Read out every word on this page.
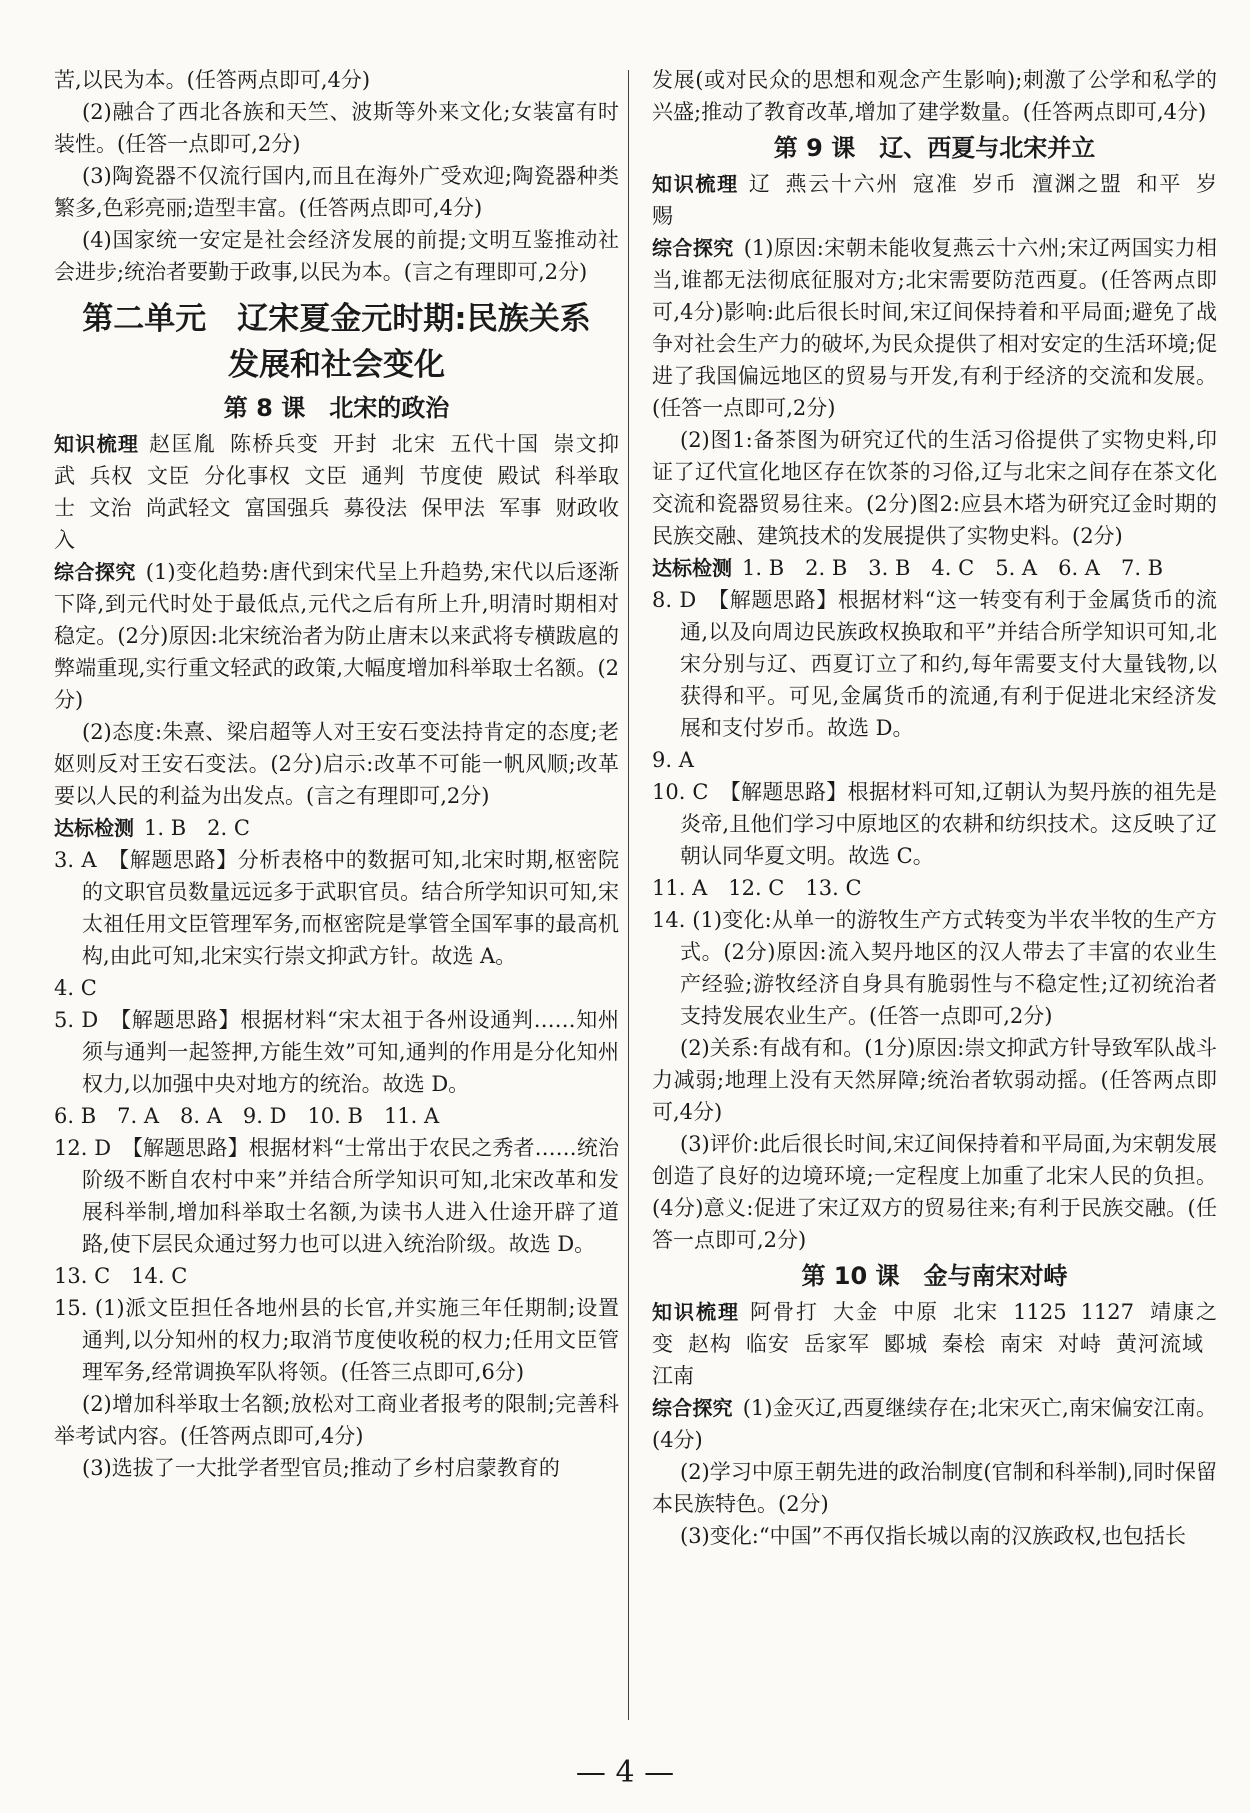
苦,以民为本。(任答两点即可,4分)

(2)融合了西北各族和天竺、波斯等外来文化;女装富有时装性。(任答一点即可,2分)

(3)陶瓷器不仅流行国内,而且在海外广受欢迎;陶瓷器种类繁多,色彩亮丽;造型丰富。(任答两点即可,4分)

(4)国家统一安定是社会经济发展的前提;文明互鉴推动社会进步;统治者要勤于政事,以民为本。(言之有理即可,2分)

第二单元　辽宋夏金元时期:民族关系
发展和社会变化
第 8 课　北宋的政治

知识梳理 赵匡胤 陈桥兵变 开封 北宋 五代十国 崇文抑武 兵权 文臣 分化事权 文臣 通判 节度使 殿试 科举取士 文治 尚武轻文 富国强兵 募役法 保甲法 军事 财政收入

综合探究 (1)变化趋势:唐代到宋代呈上升趋势,宋代以后逐渐下降,到元代时处于最低点,元代之后有所上升,明清时期相对稳定。(2分)原因:北宋统治者为防止唐末以来武将专横跋扈的弊端重现,实行重文轻武的政策,大幅度增加科举取士名额。(2分)

(2)态度:朱熹、梁启超等人对王安石变法持肯定的态度;老妪则反对王安石变法。(2分)启示:改革不可能一帆风顺;改革要以人民的利益为出发点。(言之有理即可,2分)

达标检测 1. B　2. C

3. A　【解题思路】分析表格中的数据可知,北宋时期,枢密院的文职官员数量远远多于武职官员。结合所学知识可知,宋太祖任用文臣管理军务,而枢密院是掌管全国军事的最高机构,由此可知,北宋实行崇文抑武方针。故选 A。

4. C

5. D　【解题思路】根据材料“宋太祖于各州设通判……知州须与通判一起签押,方能生效”可知,通判的作用是分化知州权力,以加强中央对地方的统治。故选 D。

6. B　7. A　8. A　9. D　10. B　11. A

12. D　【解题思路】根据材料“士常出于农民之秀者……统治阶级不断自农村中来”并结合所学知识可知,北宋改革和发展科举制,增加科举取士名额,为读书人进入仕途开辟了道路,使下层民众通过努力也可以进入统治阶级。故选 D。

13. C　14. C

15. (1)派文臣担任各地州县的长官,并实施三年任期制;设置通判,以分知州的权力;取消节度使收税的权力;任用文臣管理军务,经常调换军队将领。(任答三点即可,6分)

(2)增加科举取士名额;放松对工商业者报考的限制;完善科举考试内容。(任答两点即可,4分)

(3)选拔了一大批学者型官员;推动了乡村启蒙教育的

发展(或对民众的思想和观念产生影响);刺激了公学和私学的兴盛;推动了教育改革,增加了建学数量。(任答两点即可,4分)

第 9 课　辽、西夏与北宋并立

知识梳理 辽 燕云十六州 寇准 岁币 澶渊之盟 和平 岁赐

综合探究 (1)原因:宋朝未能收复燕云十六州;宋辽两国实力相当,谁都无法彻底征服对方;北宋需要防范西夏。(任答两点即可,4分)影响:此后很长时间,宋辽间保持着和平局面;避免了战争对社会生产力的破坏,为民众提供了相对安定的生活环境;促进了我国偏远地区的贸易与开发,有利于经济的交流和发展。(任答一点即可,2分)

(2)图1:备茶图为研究辽代的生活习俗提供了实物史料,印证了辽代宣化地区存在饮茶的习俗,辽与北宋之间存在茶文化交流和瓷器贸易往来。(2分)图2:应县木塔为研究辽金时期的民族交融、建筑技术的发展提供了实物史料。(2分)

达标检测 1. B　2. B　3. B　4. C　5. A　6. A　7. B

8. D　【解题思路】根据材料“这一转变有利于金属货币的流通,以及向周边民族政权换取和平”并结合所学知识可知,北宋分别与辽、西夏订立了和约,每年需要支付大量钱物,以获得和平。可见,金属货币的流通,有利于促进北宋经济发展和支付岁币。故选 D。

9. A

10. C　【解题思路】根据材料可知,辽朝认为契丹族的祖先是炎帝,且他们学习中原地区的农耕和纺织技术。这反映了辽朝认同华夏文明。故选 C。

11. A　12. C　13. C

14. (1)变化:从单一的游牧生产方式转变为半农半牧的生产方式。(2分)原因:流入契丹地区的汉人带去了丰富的农业生产经验;游牧经济自身具有脆弱性与不稳定性;辽初统治者支持发展农业生产。(任答一点即可,2分)

(2)关系:有战有和。(1分)原因:崇文抑武方针导致军队战斗力减弱;地理上没有天然屏障;统治者软弱动摇。(任答两点即可,4分)

(3)评价:此后很长时间,宋辽间保持着和平局面,为宋朝发展创造了良好的边境环境;一定程度上加重了北宋人民的负担。(4分)意义:促进了宋辽双方的贸易往来;有利于民族交融。(任答一点即可,2分)

第 10 课　金与南宋对峙

知识梳理 阿骨打 大金 中原 北宋 1125 1127 靖康之变 赵构 临安 岳家军 郾城 秦桧 南宋 对峙 黄河流域江南

综合探究 (1)金灭辽,西夏继续存在;北宋灭亡,南宋偏安江南。(4分)

(2)学习中原王朝先进的政治制度(官制和科举制),同时保留本民族特色。(2分)

(3)变化:“中国”不再仅指长城以南的汉族政权,也包括长

— 4 —
